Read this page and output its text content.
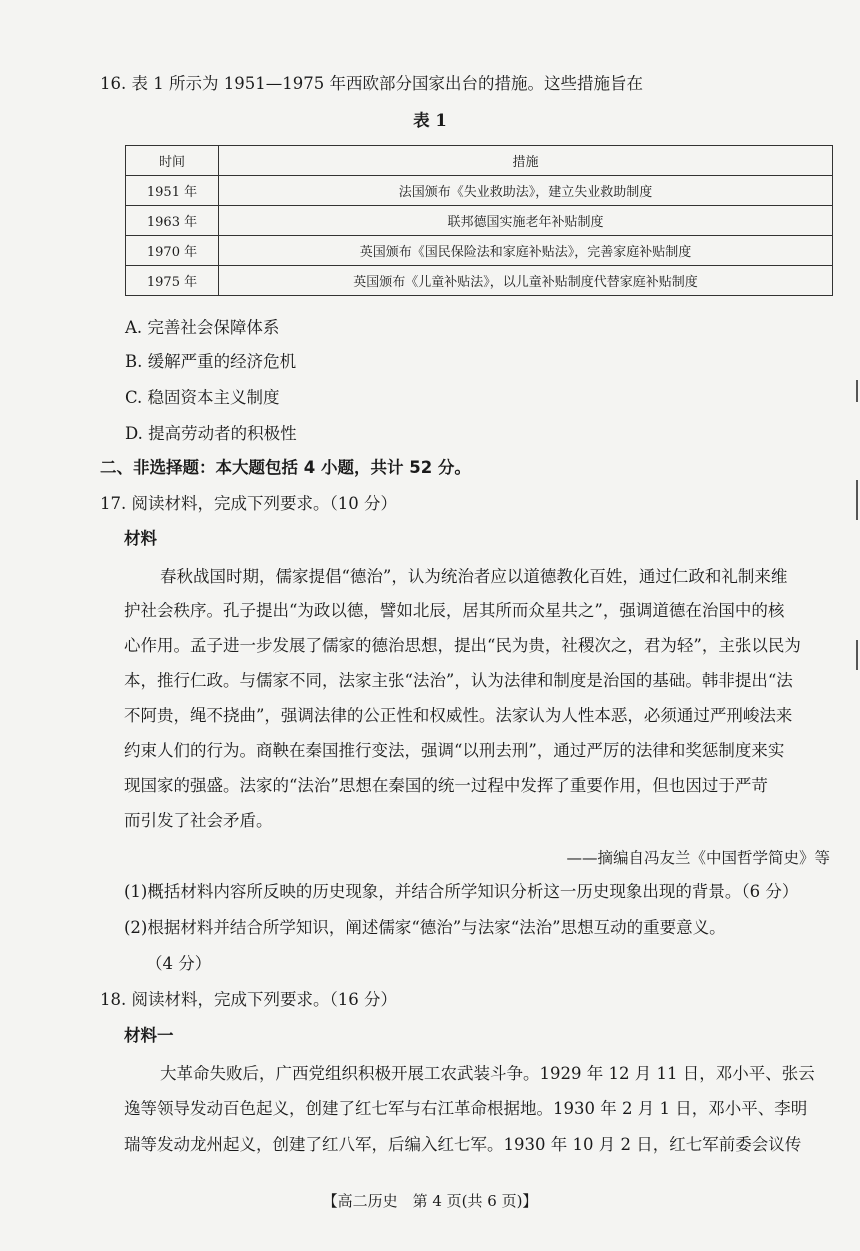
16. 表 1 所示为 1951—1975 年西欧部分国家出台的措施。这些措施旨在
表 1
时间	措施
1951 年	法国颁布《失业救助法》，建立失业救助制度
1963 年	联邦德国实施老年补贴制度
1970 年	英国颁布《国民保险法和家庭补贴法》，完善家庭补贴制度
1975 年	英国颁布《儿童补贴法》，以儿童补贴制度代替家庭补贴制度
A. 完善社会保障体系
B. 缓解严重的经济危机
C. 稳固资本主义制度
D. 提高劳动者的积极性
二、非选择题：本大题包括 4 小题，共计 52 分。
17. 阅读材料，完成下列要求。（10 分）
材料
春秋战国时期，儒家提倡“德治”，认为统治者应以道德教化百姓，通过仁政和礼制来维
护社会秩序。孔子提出“为政以德，譬如北辰，居其所而众星共之”，强调道德在治国中的核
心作用。孟子进一步发展了儒家的德治思想，提出“民为贵，社稷次之，君为轻”，主张以民为
本，推行仁政。与儒家不同，法家主张“法治”，认为法律和制度是治国的基础。韩非提出“法
不阿贵，绳不挠曲”，强调法律的公正性和权威性。法家认为人性本恶，必须通过严刑峻法来
约束人们的行为。商鞅在秦国推行变法，强调“以刑去刑”，通过严厉的法律和奖惩制度来实
现国家的强盛。法家的“法治”思想在秦国的统一过程中发挥了重要作用，但也因过于严苛
而引发了社会矛盾。
——摘编自冯友兰《中国哲学简史》等
(1)概括材料内容所反映的历史现象，并结合所学知识分析这一历史现象出现的背景。（6 分）
(2)根据材料并结合所学知识，阐述儒家“德治”与法家“法治”思想互动的重要意义。
（4 分）
18. 阅读材料，完成下列要求。（16 分）
材料一
大革命失败后，广西党组织积极开展工农武装斗争。1929 年 12 月 11 日，邓小平、张云
逸等领导发动百色起义，创建了红七军与右江革命根据地。1930 年 2 月 1 日，邓小平、李明
瑞等发动龙州起义，创建了红八军，后编入红七军。1930 年 10 月 2 日，红七军前委会议传
【高二历史　第 4 页(共 6 页)】
